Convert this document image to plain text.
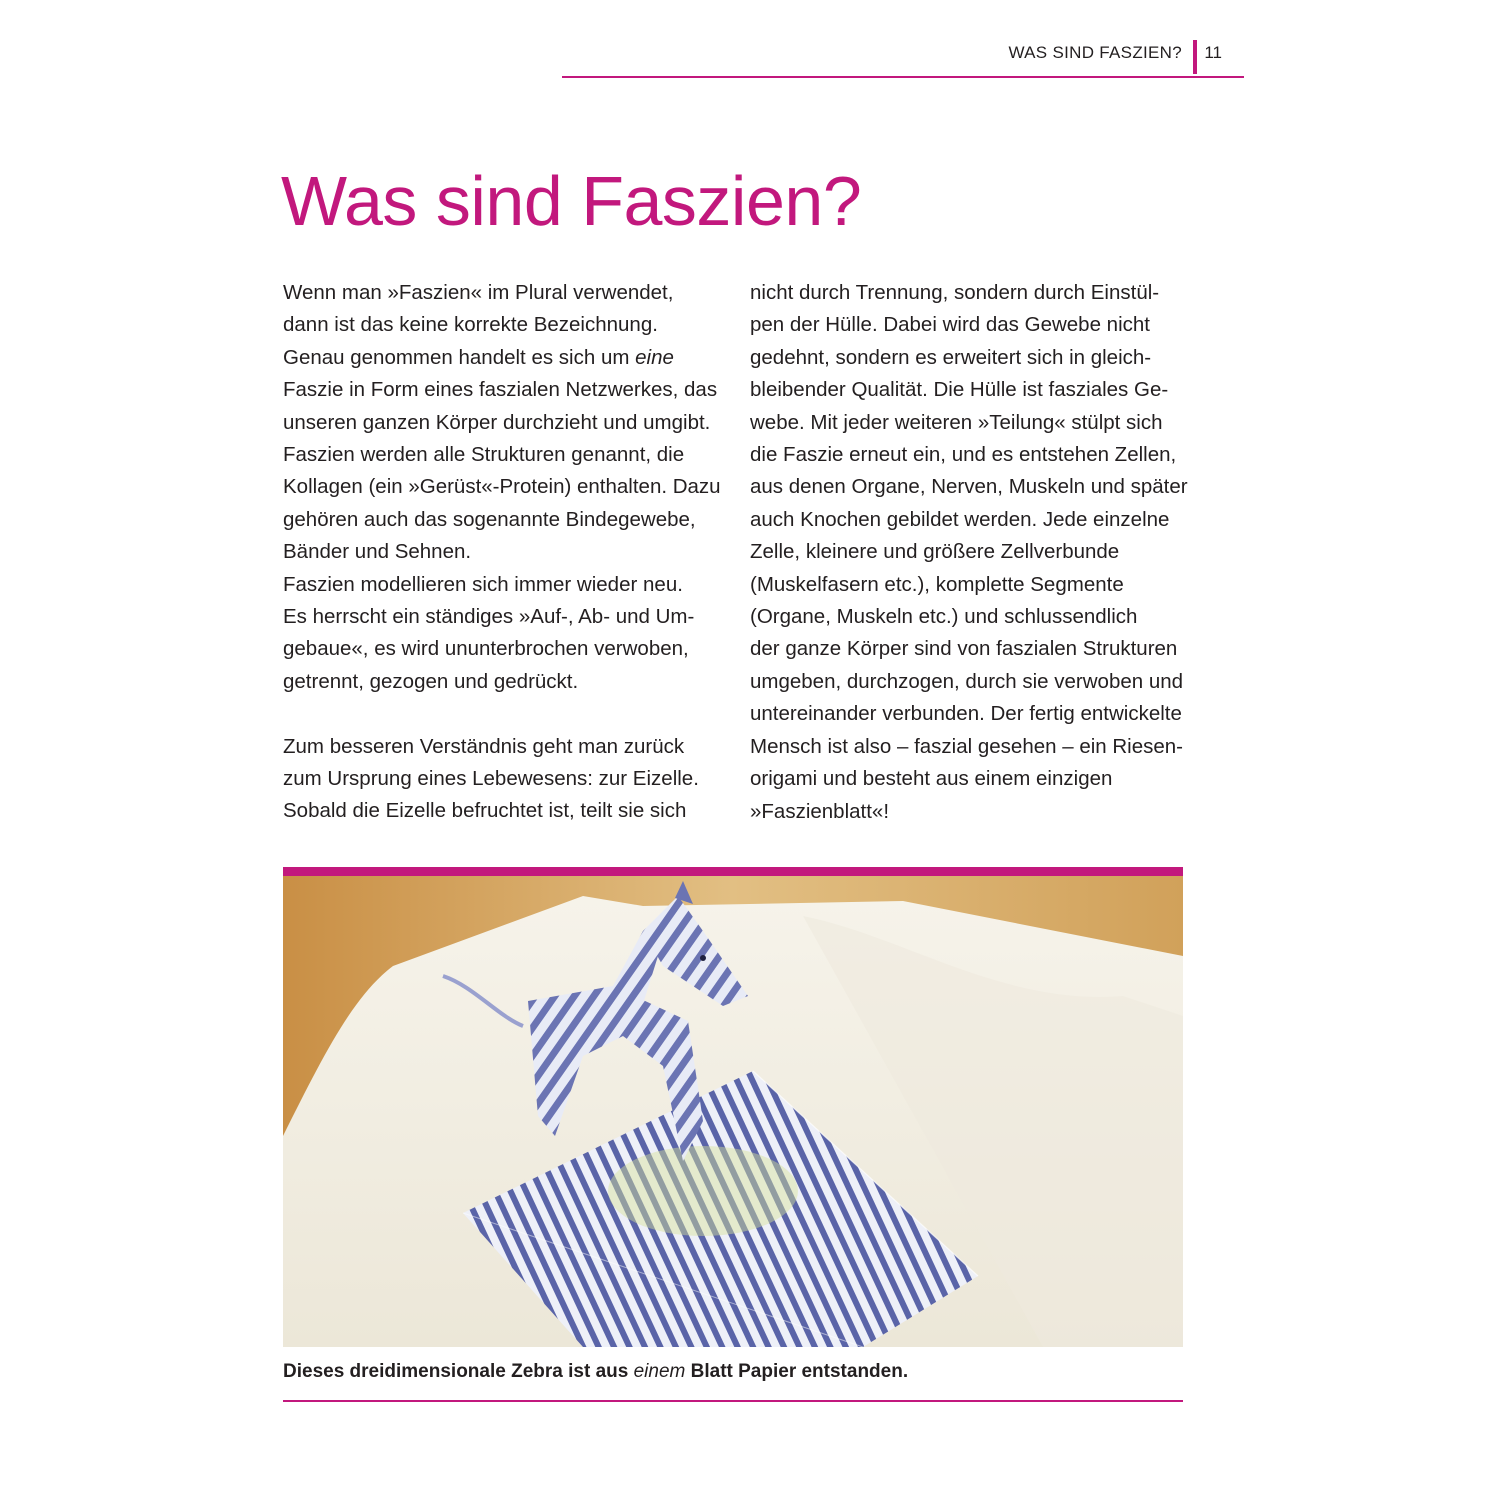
WAS SIND FASZIEN? 11
Was sind Faszien?

Wenn man »Faszien« im Plural verwendet,

dann ist das keine korrekte Bezeichnung.

Genau genommen handelt es sich um eine

Faszie in Form eines faszialen Netzwerkes, das

unseren ganzen Körper durchzieht und umgibt.

Faszien werden alle Strukturen genannt, die

Kollagen (ein »Gerüst«-Protein) enthalten. Dazu

gehören auch das sogenannte Bindegewebe,

Bänder und Sehnen.

Faszien modellieren sich immer wieder neu.

Es herrscht ein ständiges »Auf-, Ab- und Um-

gebaue«, es wird ununterbrochen verwoben,

getrennt, gezogen und gedrückt.

Zum besseren Verständnis geht man zurück

zum Ursprung eines Lebewesens: zur Eizelle.

Sobald die Eizelle befruchtet ist, teilt sie sich

nicht durch Trennung, sondern durch Einstül-

pen der Hülle. Dabei wird das Gewebe nicht

gedehnt, sondern es erweitert sich in gleich-

bleibender Qualität. Die Hülle ist fasziales Ge-

webe. Mit jeder weiteren »Teilung« stülpt sich

die Faszie erneut ein, und es entstehen Zellen,

aus denen Organe, Nerven, Muskeln und später

auch Knochen gebildet werden. Jede einzelne

Zelle, kleinere und größere Zellverbunde

(Muskelfasern etc.), komplette Segmente

(Organe, Muskeln etc.) und schlussendlich

der ganze Körper sind von faszialen Strukturen

umgeben, durchzogen, durch sie verwoben und

untereinander verbunden. Der fertig entwickelte

Mensch ist also – faszial gesehen – ein Riesen-

origami und besteht aus einem einzigen

»Faszienblatt«!

Dieses dreidimensionale Zebra ist aus einem Blatt Papier entstanden.
